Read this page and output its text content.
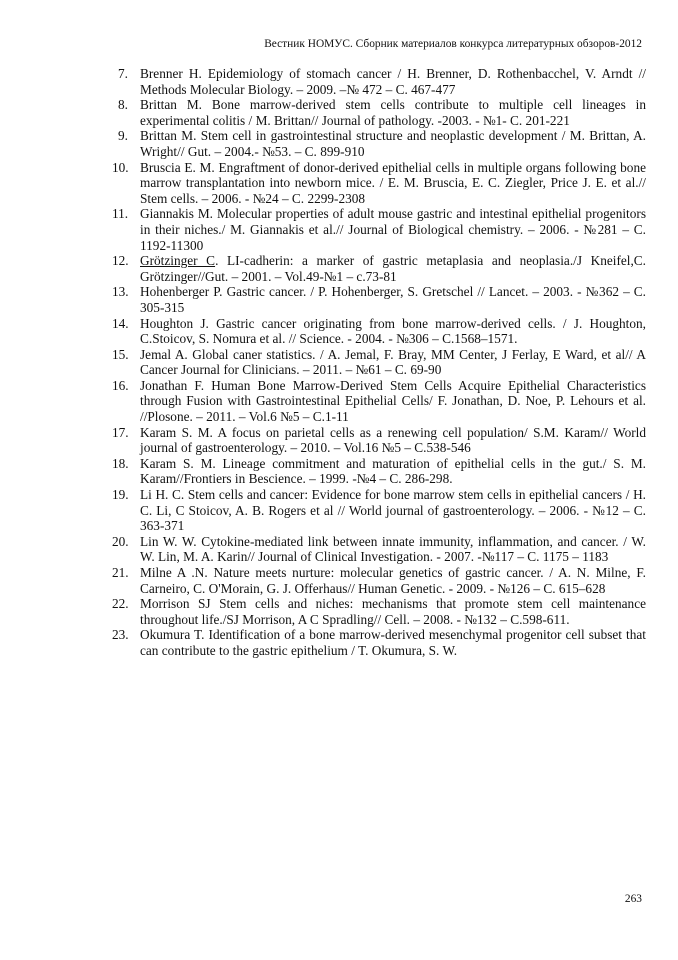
Вестник НОМУС. Сборник материалов конкурса литературных обзоров-2012
7. Brenner H. Epidemiology of stomach cancer / H. Brenner, D. Rothenbacchel, V. Arndt // Methods Molecular Biology. – 2009. –№ 472 – С. 467-477
8. Brittan M. Bone marrow-derived stem cells contribute to multiple cell lineages in experimental colitis / M. Brittan// Journal of pathology. -2003. - №1- С. 201-221
9. Brittan M. Stem cell in gastrointestinal structure and neoplastic development / M. Brittan, A. Wright// Gut. – 2004.- №53. – С. 899-910
10. Bruscia E. M. Engraftment of donor-derived epithelial cells in multiple organs following bone marrow transplantation into newborn mice. / E. M. Bruscia, E. C. Ziegler, Price J. E. et al.// Stem cells. – 2006. - №24 – С. 2299-2308
11. Giannakis M. Molecular properties of adult mouse gastric and intestinal epithelial progenitors in their niches./ M. Giannakis et al.// Journal of Biological chemistry. – 2006. - №281 – С. 1192-11300
12. Grötzinger C. LI-cadherin: a marker of gastric metaplasia and neoplasia./J Kneifel,C. Grötzinger//Gut. – 2001. – Vol.49-№1 – c.73-81
13. Hohenberger P. Gastric cancer. / P. Hohenberger, S. Gretschel // Lancet. – 2003. - №362 – С. 305-315
14. Houghton J. Gastric cancer originating from bone marrow-derived cells. / J. Houghton, C.Stoicov, S. Nomura et al. // Science. - 2004. - №306 – С.1568–1571.
15. Jemal A. Global caner statistics. / A. Jemal, F. Bray, MM Center, J Ferlay, E Ward, et al// A Cancer Journal for Clinicians. – 2011. – №61 – С. 69-90
16. Jonathan F. Human Bone Marrow-Derived Stem Cells Acquire Epithelial Characteristics through Fusion with Gastrointestinal Epithelial Cells/ F. Jonathan, D. Noe, P. Lehours et al. //Plosone. – 2011. – Vol.6 №5 – С.1-11
17. Karam S. M. A focus on parietal cells as a renewing cell population/ S.M. Karam// World journal of gastroenterology. – 2010. – Vol.16 №5 – С.538-546
18. Karam S. M. Lineage commitment and maturation of epithelial cells in the gut./ S. M. Karam//Frontiers in Bescience. – 1999. -№4 – С. 286-298.
19. Li H. C. Stem cells and cancer: Evidence for bone marrow stem cells in epithelial cancers / H. C. Li, C Stoicov, A. B. Rogers et al // World journal of gastroenterology. – 2006. - №12 – С. 363-371
20. Lin W. W. Cytokine-mediated link between innate immunity, inflammation, and cancer. / W. W. Lin, M. A. Karin// Journal of Clinical Investigation. - 2007. -№117 – С. 1175 – 1183
21. Milne A .N. Nature meets nurture: molecular genetics of gastric cancer. / A. N. Milne, F. Carneiro, C. O'Morain, G. J. Offerhaus// Human Genetic. - 2009. - №126 – С. 615–628
22. Morrison SJ Stem cells and niches: mechanisms that promote stem cell maintenance throughout life./SJ Morrison, A C Spradling// Cell. – 2008. - №132 – С.598-611.
23. Okumura T. Identification of a bone marrow-derived mesenchymal progenitor cell subset that can contribute to the gastric epithelium / T. Okumura, S. W.
263
